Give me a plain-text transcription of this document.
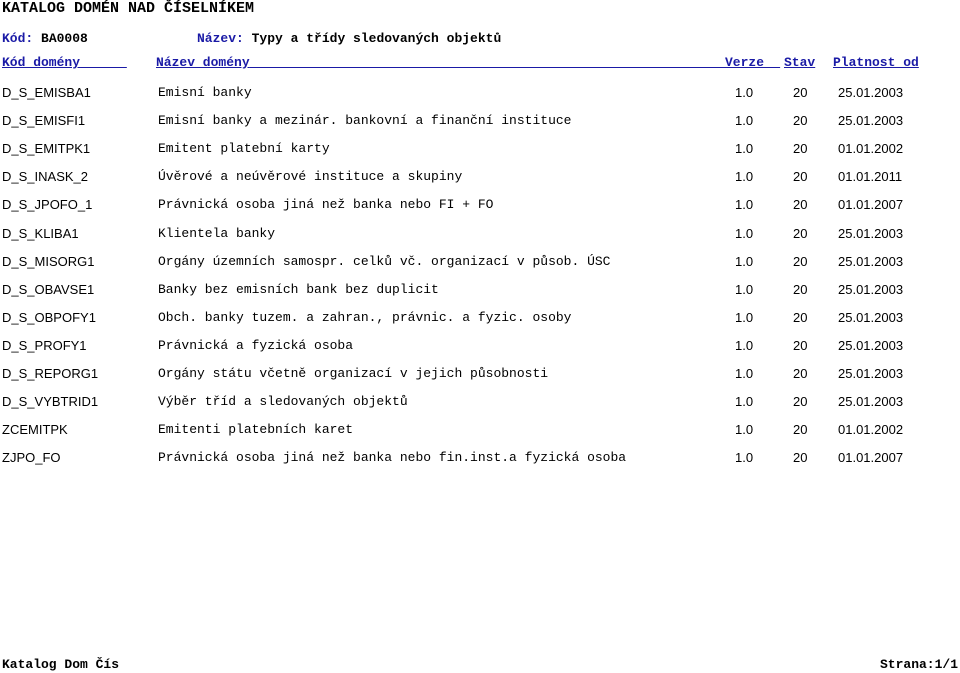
KATALOG DOMÉN NAD ČÍSELNÍKEM
Kód: BA0008	Název: Typy a třídy sledovaných objektů
Kód domény	Název domény	Verze Stav Platnost od
D_S_EMISBA1	Emisní banky	1.0	20 25.01.2003
D_S_EMISFI1	Emisní banky a mezinár. bankovní a finanční instituce	1.0	20 25.01.2003
D_S_EMITPK1	Emitent platební karty	1.0	20 01.01.2002
D_S_INASK_2	Úvěrové a neúvěrové instituce a skupiny	1.0	20 01.01.2011
D_S_JPOFO_1	Právnická osoba jiná než banka nebo FI + FO	1.0	20 01.01.2007
D_S_KLIBA1	Klientela banky	1.0	20 25.01.2003
D_S_MISORG1	Orgány územních samospr. celků vč. organizací v působ. ÚSC	1.0	20 25.01.2003
D_S_OBAVSE1	Banky bez emisních bank bez duplicit	1.0	20 25.01.2003
D_S_OBPOFY1	Obch. banky tuzem. a zahran., právnic. a fyzic. osoby	1.0	20 25.01.2003
D_S_PROFY1	Právnická a fyzická osoba	1.0	20 25.01.2003
D_S_REPORG1	Orgány státu včetně organizací v jejich působnosti	1.0	20 25.01.2003
D_S_VYBTRID1	Výběr tříd a sledovaných objektů	1.0	20 25.01.2003
ZCEMITPK	Emitenti platebních karet	1.0	20 01.01.2002
ZJPO_FO	Právnická osoba jiná než banka nebo fin.inst.a fyzická osoba	1.0	20 01.01.2007
Katalog Dom Čís	Strana:1/1
